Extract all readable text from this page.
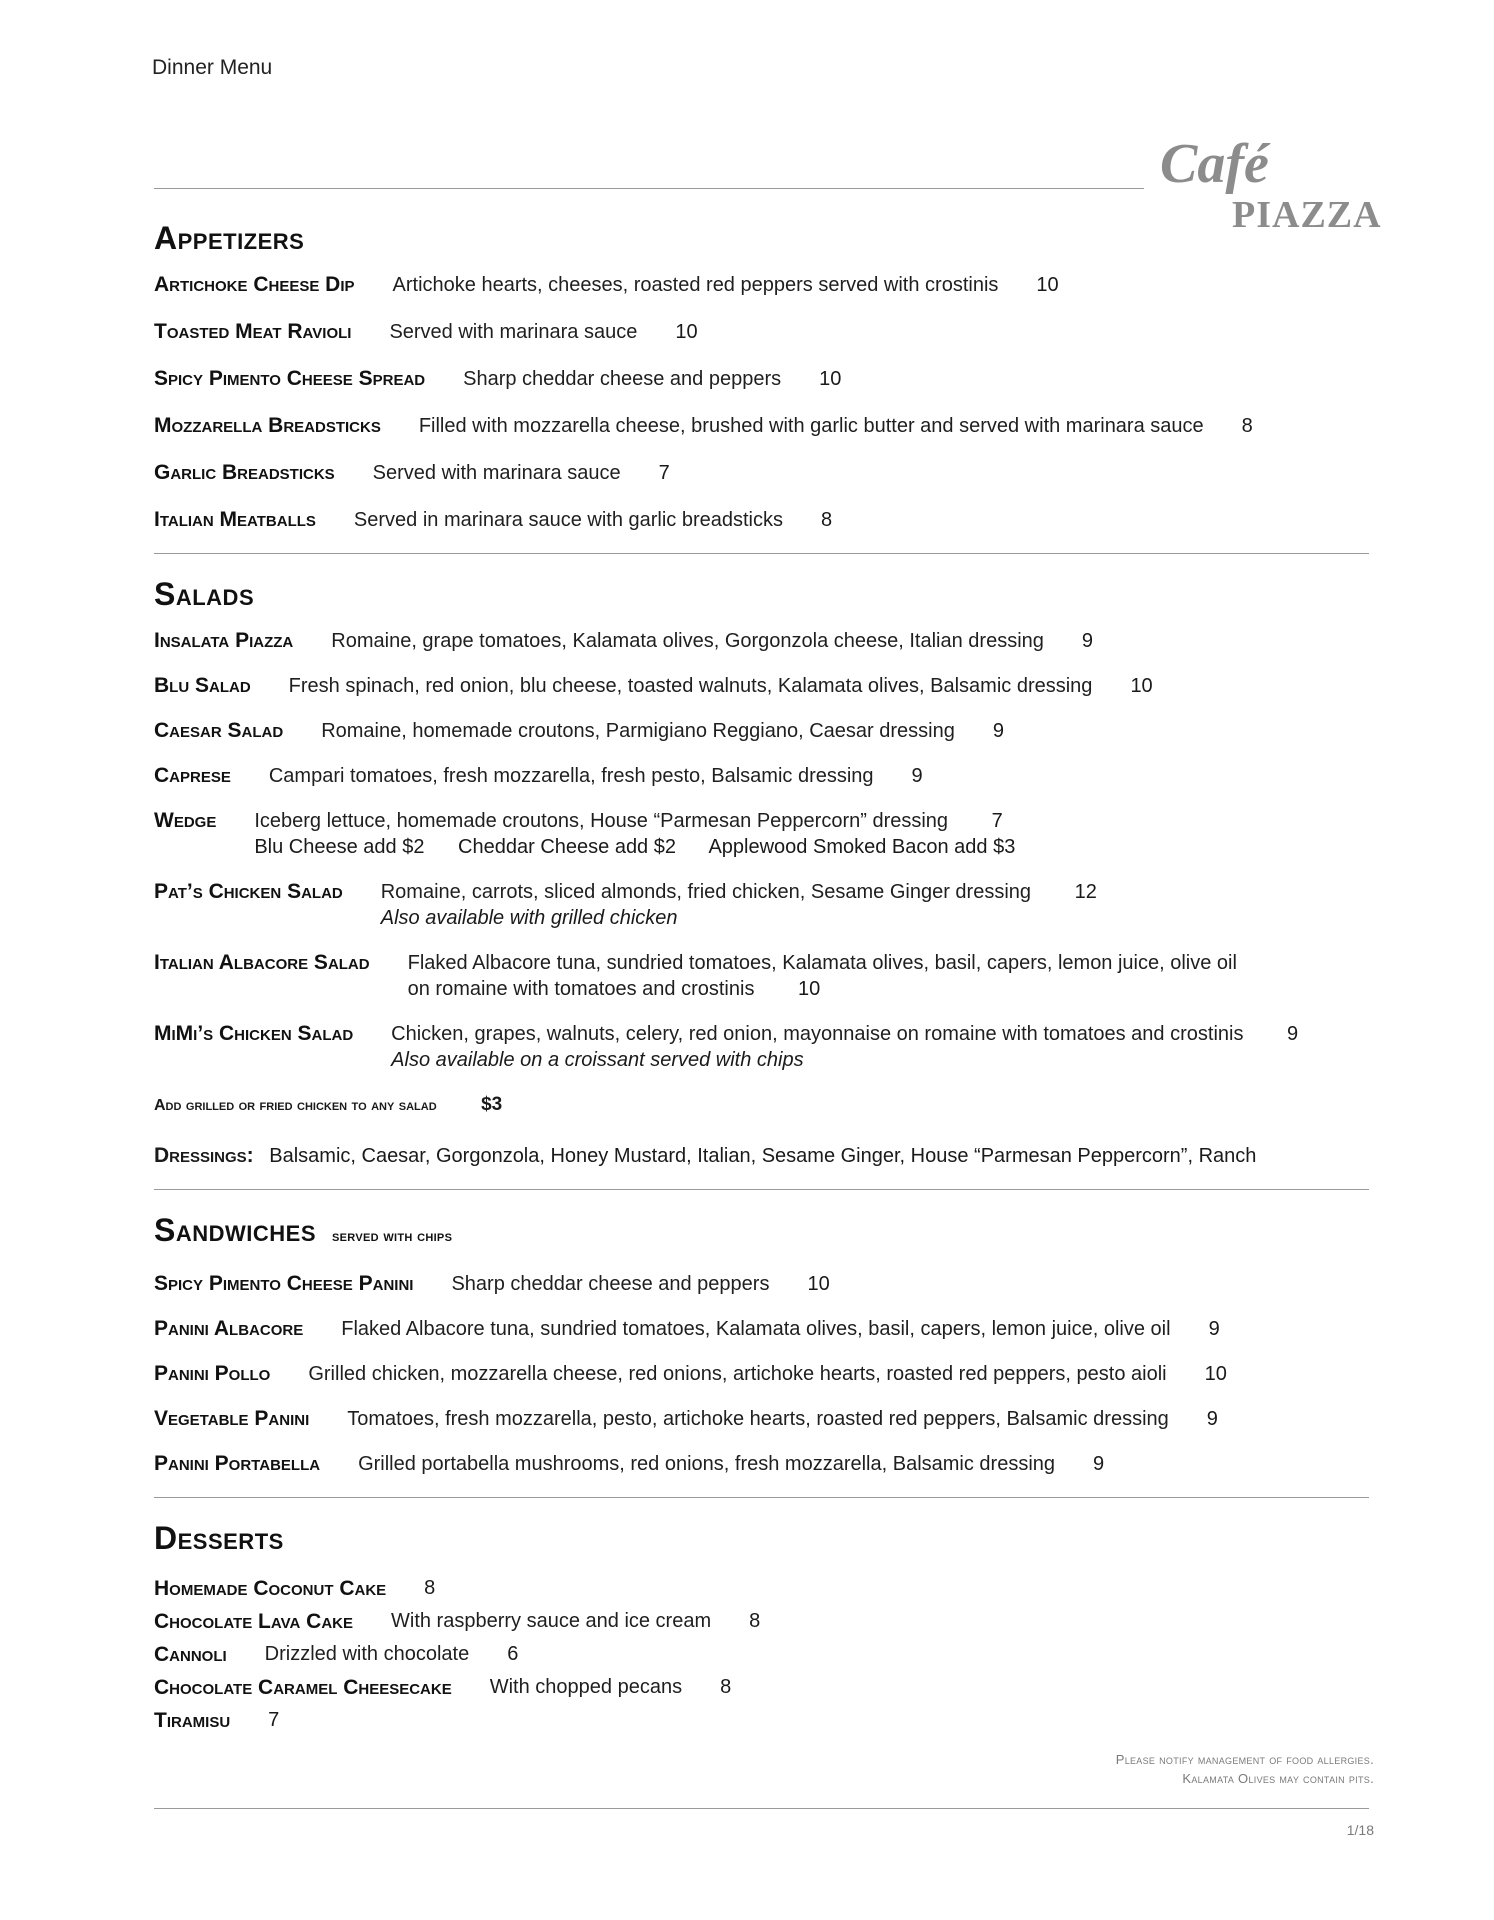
Dinner Menu
Café
PIAZZA
Appetizers
Artichoke Cheese Dip Artichoke hearts, cheeses, roasted red peppers served with crostinis 10
Toasted Meat Ravioli Served with marinara sauce 10
Spicy Pimento Cheese Spread Sharp cheddar cheese and peppers 10
Mozzarella Breadsticks Filled with mozzarella cheese, brushed with garlic butter and served with marinara sauce 8
Garlic Breadsticks Served with marinara sauce 7
Italian Meatballs Served in marinara sauce with garlic breadsticks 8
Salads
Insalata Piazza Romaine, grape tomatoes, Kalamata olives, Gorgonzola cheese, Italian dressing 9
Blu Salad Fresh spinach, red onion, blu cheese, toasted walnuts, Kalamata olives, Balsamic dressing 10
Caesar Salad Romaine, homemade croutons, Parmigiano Reggiano, Caesar dressing 9
Caprese Campari tomatoes, fresh mozzarella, fresh pesto, Balsamic dressing 9
Wedge Iceberg lettuce, homemade croutons, House “Parmesan Peppercorn” dressing 7
Blu Cheese add $2 Cheddar Cheese add $2 Applewood Smoked Bacon add $3
Pat’s Chicken Salad Romaine, carrots, sliced almonds, fried chicken, Sesame Ginger dressing 12
Also available with grilled chicken
Italian Albacore Salad Flaked Albacore tuna, sundried tomatoes, Kalamata olives, basil, capers, lemon juice, olive oil
on romaine with tomatoes and crostinis 10
MiMi’s Chicken Salad Chicken, grapes, walnuts, celery, red onion, mayonnaise on romaine with tomatoes and crostinis 9
Also available on a croissant served with chips
Add grilled or fried chicken to any salad $3
Dressings: Balsamic, Caesar, Gorgonzola, Honey Mustard, Italian, Sesame Ginger, House “Parmesan Peppercorn”, Ranch
Sandwiches served with chips
Spicy Pimento Cheese Panini Sharp cheddar cheese and peppers 10
Panini Albacore Flaked Albacore tuna, sundried tomatoes, Kalamata olives, basil, capers, lemon juice, olive oil 9
Panini Pollo Grilled chicken, mozzarella cheese, red onions, artichoke hearts, roasted red peppers, pesto aioli 10
Vegetable Panini Tomatoes, fresh mozzarella, pesto, artichoke hearts, roasted red peppers, Balsamic dressing 9
Panini Portabella Grilled portabella mushrooms, red onions, fresh mozzarella, Balsamic dressing 9
Desserts
Homemade Coconut Cake 8
Chocolate Lava Cake With raspberry sauce and ice cream 8
Cannoli Drizzled with chocolate 6
Chocolate Caramel Cheesecake With chopped pecans 8
Tiramisu 7
Please notify management of food allergies.
Kalamata Olives may contain pits.
1/18
